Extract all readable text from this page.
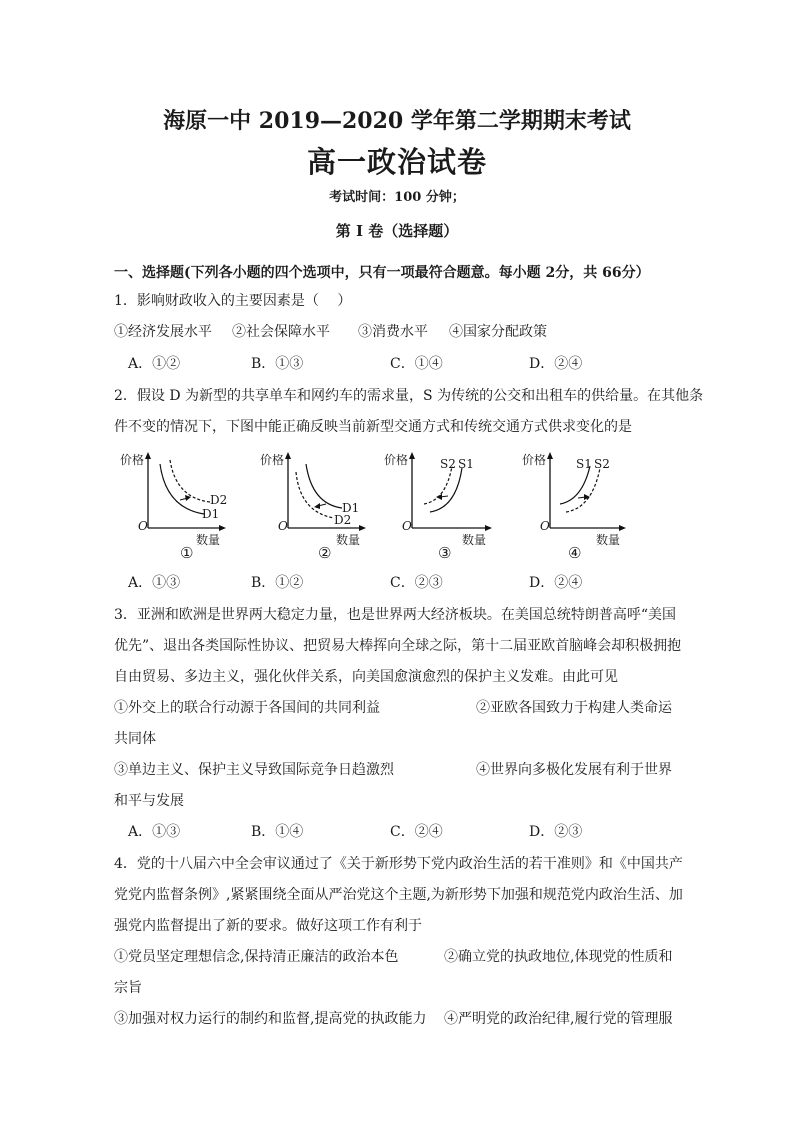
海原一中 2019—2020 学年第二学期期末考试
高一政治试卷
考试时间：100 分钟；
第 I 卷（选择题）
一、选择题(下列各小题的四个选项中，只有一项最符合题意。每小题 2分，共 66分）
1．影响财政收入的主要因素是（　 ）
①经济发展水平 ②社会保障水平 ③消费水平 ④国家分配政策
A．①②	B．①③	C．①④	D．②④
2．假设 D 为新型的共享单车和网约车的需求量，S 为传统的公交和出租车的供给量。在其他条
件不变的情况下，下图中能正确反映当前新型交通方式和传统交通方式供求变化的是
价格
O
数量
D2
D1
①
价格
O
数量
D1
D2
②
价格
O
数量
S2 S1
③
价格
O
数量
S1 S2
④
A．①③	B．①②	C．②③	D．②④
3．亚洲和欧洲是世界两大稳定力量，也是世界两大经济板块。在美国总统特朗普高呼“美国
优先”、退出各类国际性协议、把贸易大棒挥向全球之际，第十二届亚欧首脑峰会却积极拥抱
自由贸易、多边主义，强化伙伴关系，向美国愈演愈烈的保护主义发难。由此可见
①外交上的联合行动源于各国间的共同利益	②亚欧各国致力于构建人类命运
共同体
③单边主义、保护主义导致国际竞争日趋激烈	④世界向多极化发展有利于世界
和平与发展
A．①③	B．①④	C．②④	D．②③
4．党的十八届六中全会审议通过了《关于新形势下党内政治生活的若干准则》和《中国共产
党党内监督条例》,紧紧围绕全面从严治党这个主题,为新形势下加强和规范党内政治生活、加
强党内监督提出了新的要求。做好这项工作有利于
①党员坚定理想信念,保持清正廉洁的政治本色	②确立党的执政地位,体现党的性质和
宗旨
③加强对权力运行的制约和监督,提高党的执政能力 ④严明党的政治纪律,履行党的管理服
